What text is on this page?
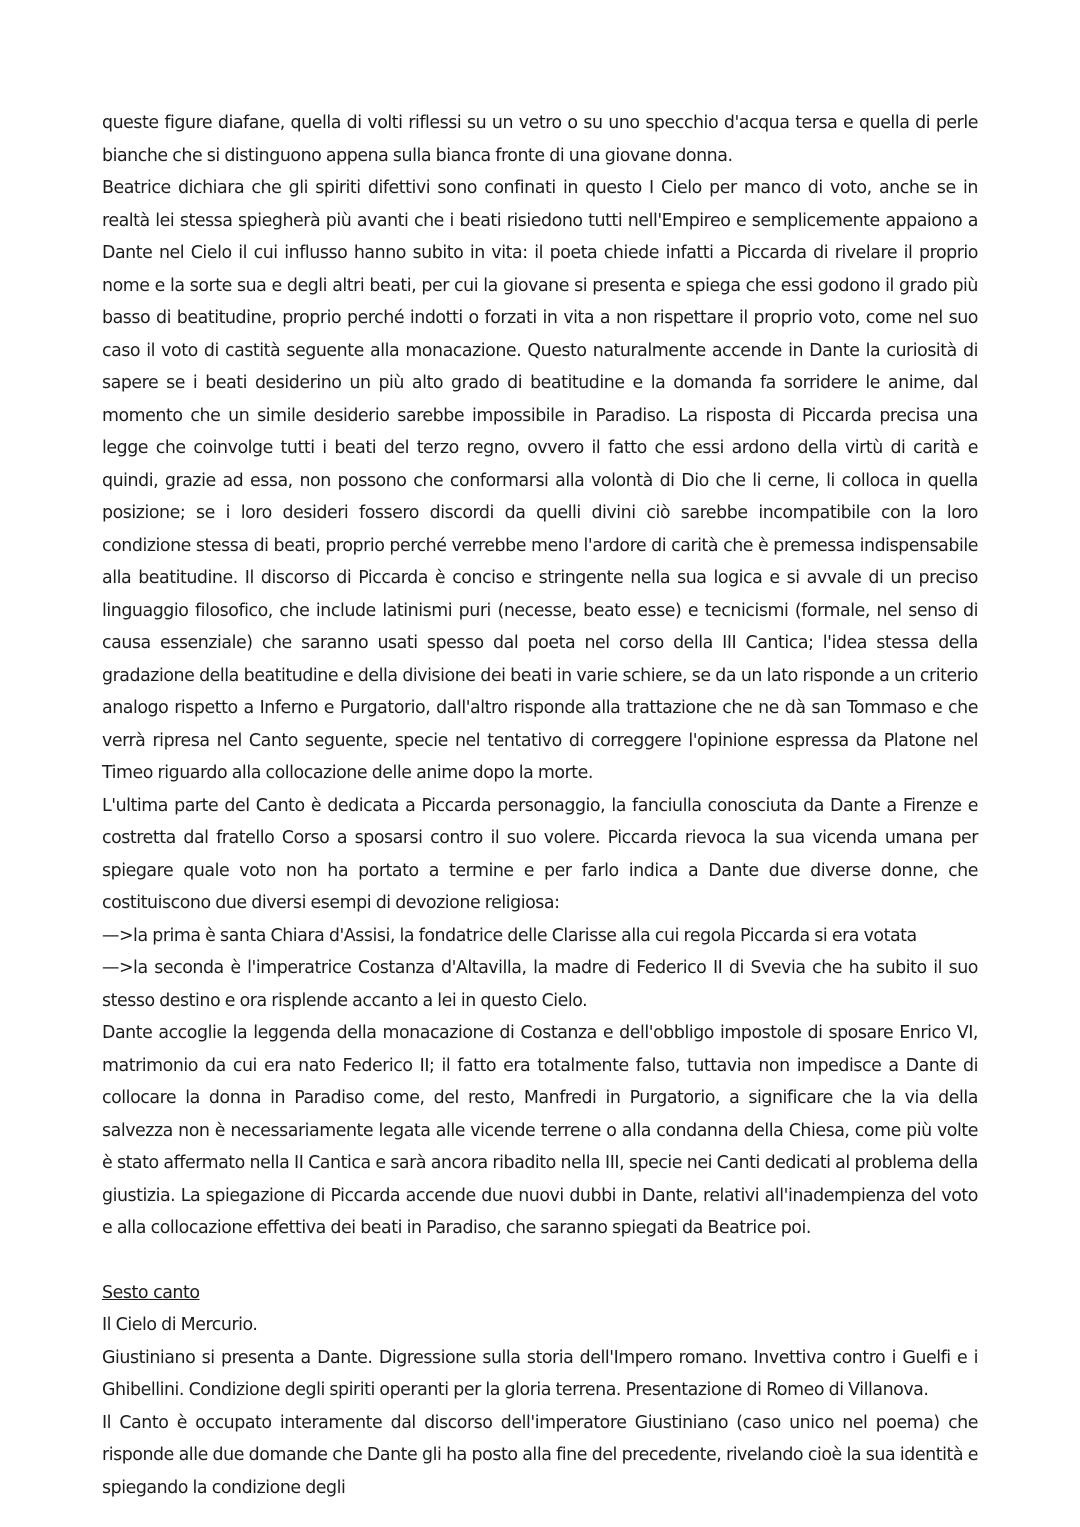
queste figure diafane, quella di volti riflessi su un vetro o su uno specchio d'acqua tersa e quella di perle bianche che si distinguono appena sulla bianca fronte di una giovane donna.

Beatrice dichiara che gli spiriti difettivi sono confinati in questo I Cielo per manco di voto, anche se in realtà lei stessa spiegherà più avanti che i beati risiedono tutti nell'Empireo e semplicemente appaiono a Dante nel Cielo il cui influsso hanno subito in vita: il poeta chiede infatti a Piccarda di rivelare il proprio nome e la sorte sua e degli altri beati, per cui la giovane si presenta e spiega che essi godono il grado più basso di beatitudine, proprio perché indotti o forzati in vita a non rispettare il proprio voto, come nel suo caso il voto di castità seguente alla monacazione. Questo naturalmente accende in Dante la curiosità di sapere se i beati desiderino un più alto grado di beatitudine e la domanda fa sorridere le anime, dal momento che un simile desiderio sarebbe impossibile in Paradiso. La risposta di Piccarda precisa una legge che coinvolge tutti i beati del terzo regno, ovvero il fatto che essi ardono della virtù di carità e quindi, grazie ad essa, non possono che conformarsi alla volontà di Dio che li cerne, li colloca in quella posizione; se i loro desideri fossero discordi da quelli divini ciò sarebbe incompatibile con la loro condizione stessa di beati, proprio perché verrebbe meno l'ardore di carità che è premessa indispensabile alla beatitudine. Il discorso di Piccarda è conciso e stringente nella sua logica e si avvale di un preciso linguaggio filosofico, che include latinismi puri (necesse, beato esse) e tecnicismi (formale, nel senso di causa essenziale) che saranno usati spesso dal poeta nel corso della III Cantica; l'idea stessa della gradazione della beatitudine e della divisione dei beati in varie schiere, se da un lato risponde a un criterio analogo rispetto a Inferno e Purgatorio, dall'altro risponde alla trattazione che ne dà san Tommaso e che verrà ripresa nel Canto seguente, specie nel tentativo di correggere l'opinione espressa da Platone nel Timeo riguardo alla collocazione delle anime dopo la morte.

L'ultima parte del Canto è dedicata a Piccarda personaggio, la fanciulla conosciuta da Dante a Firenze e costretta dal fratello Corso a sposarsi contro il suo volere. Piccarda rievoca la sua vicenda umana per spiegare quale voto non ha portato a termine e per farlo indica a Dante due diverse donne, che costituiscono due diversi esempi di devozione religiosa:

—>la prima è santa Chiara d'Assisi, la fondatrice delle Clarisse alla cui regola Piccarda si era votata

—>la seconda è l'imperatrice Costanza d'Altavilla, la madre di Federico II di Svevia che ha subito il suo stesso destino e ora risplende accanto a lei in questo Cielo.

Dante accoglie la leggenda della monacazione di Costanza e dell'obbligo impostole di sposare Enrico VI, matrimonio da cui era nato Federico II; il fatto era totalmente falso, tuttavia non impedisce a Dante di collocare la donna in Paradiso come, del resto, Manfredi in Purgatorio, a significare che la via della salvezza non è necessariamente legata alle vicende terrene o alla condanna della Chiesa, come più volte è stato affermato nella II Cantica e sarà ancora ribadito nella III, specie nei Canti dedicati al problema della giustizia. La spiegazione di Piccarda accende due nuovi dubbi in Dante, relativi all'inadempienza del voto e alla collocazione effettiva dei beati in Paradiso, che saranno spiegati da Beatrice poi.

Sesto canto

Il Cielo di Mercurio.

Giustiniano si presenta a Dante. Digressione sulla storia dell'Impero romano. Invettiva contro i Guelfi e i Ghibellini. Condizione degli spiriti operanti per la gloria terrena. Presentazione di Romeo di Villanova.

Il Canto è occupato interamente dal discorso dell'imperatore Giustiniano (caso unico nel poema) che risponde alle due domande che Dante gli ha posto alla fine del precedente, rivelando cioè la sua identità e spiegando la condizione degli
